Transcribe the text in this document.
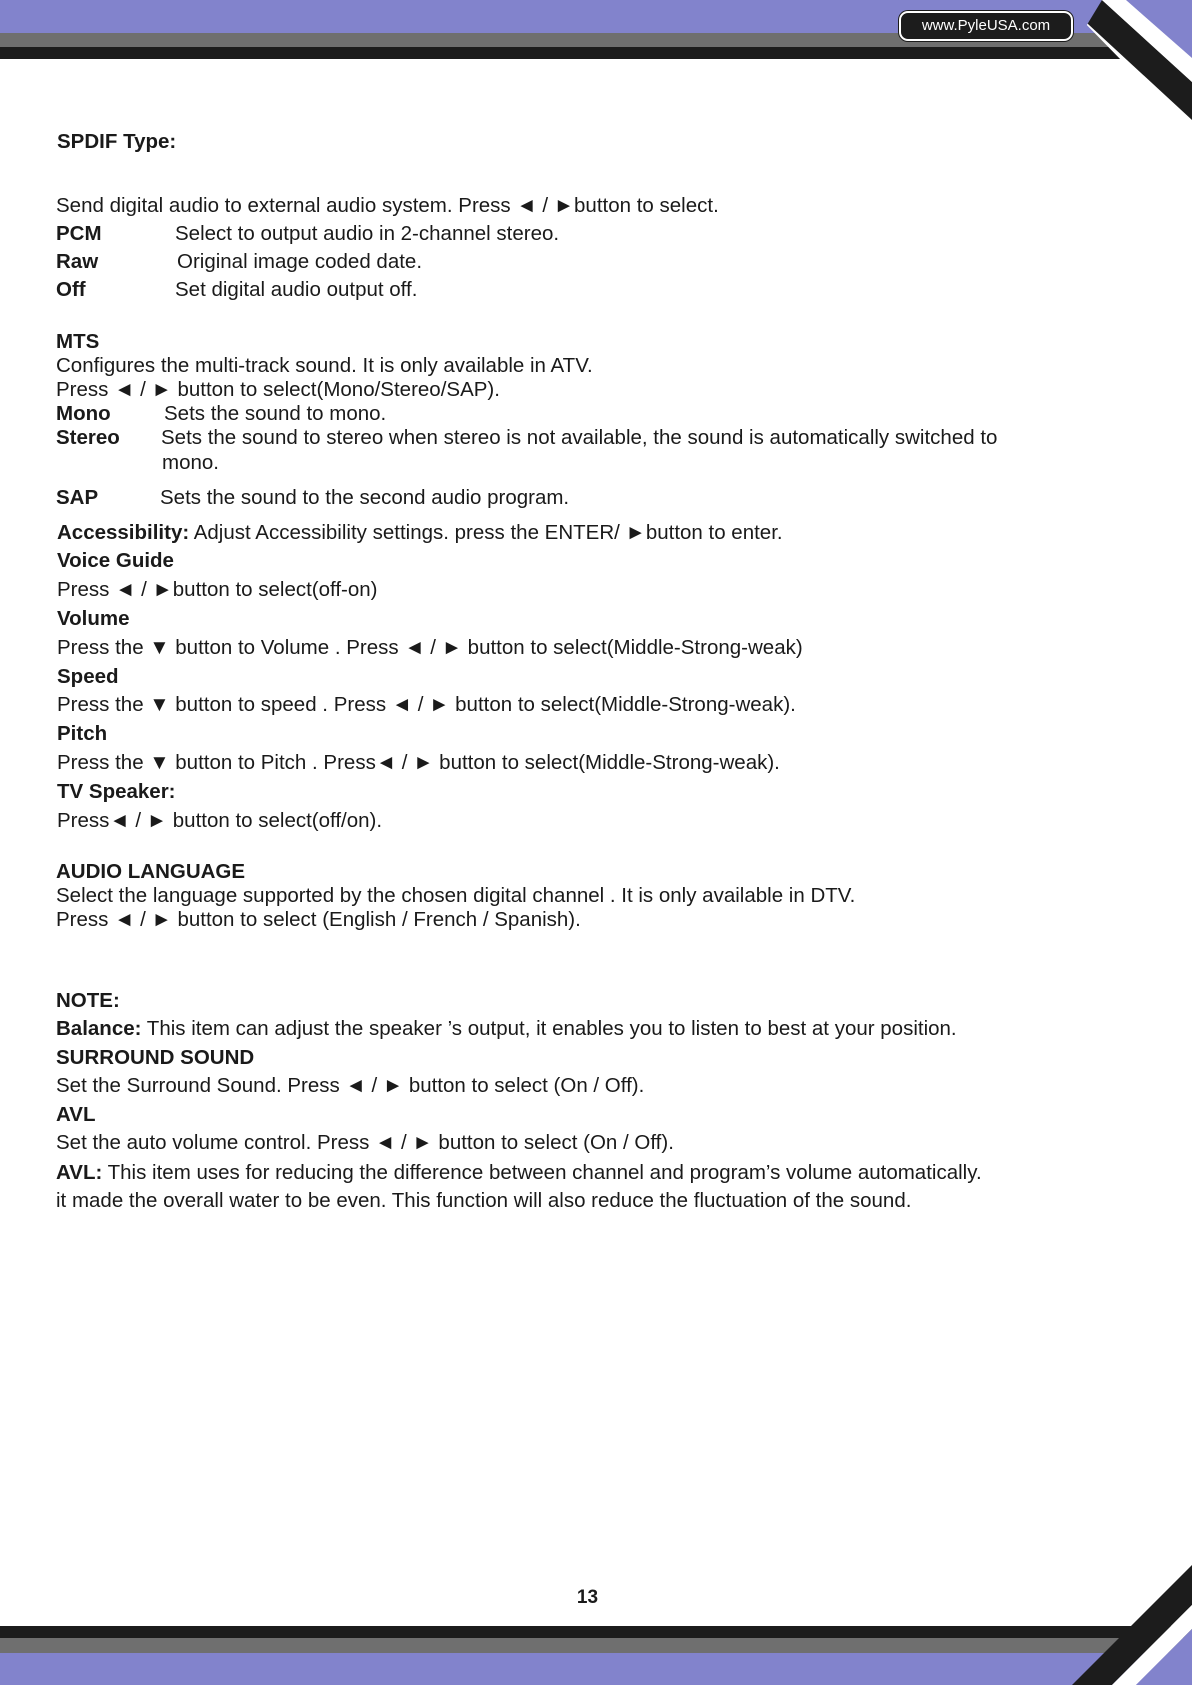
www.PyleUSA.com
SPDIF Type:
Send digital audio to external audio system. Press ◄ / ►button to select.
PCM	Select to output audio in 2-channel stereo.
Raw	Original image coded date.
Off	Set digital audio output off.
MTS
Configures the multi-track sound. It is only available in ATV.
Press ◄ / ► button to select(Mono/Stereo/SAP).
Mono	Sets the sound to mono.
Stereo Sets the sound to stereo when stereo is not available, the sound is automatically switched to
mono.
SAP	Sets the sound to the second audio program.
Accessibility: Adjust Accessibility settings. press the ENTER/ ►button to enter.
Voice Guide
Press ◄ / ►button to select(off-on)
Volume
Press the ▼ button to Volume . Press ◄ / ► button to select(Middle-Strong-weak)
Speed
Press the ▼ button to speed . Press ◄ / ► button to select(Middle-Strong-weak).
Pitch
Press the ▼ button to Pitch . Press◄ / ► button to select(Middle-Strong-weak).
TV Speaker:
Press◄ / ► button to select(off/on).
AUDIO LANGUAGE
Select the language supported by the chosen digital channel . It is only available in DTV.
Press ◄ / ► button to select (English / French / Spanish).
NOTE:
Balance: This item can adjust the speaker ’s output, it enables you to listen to best at your position.
SURROUND SOUND
Set the Surround Sound. Press ◄ / ► button to select (On / Off).
AVL
Set the auto volume control. Press ◄ / ► button to select (On / Off).
AVL: This item uses for reducing the difference between channel and program’s volume automatically.
it made the overall water to be even. This function will also reduce the fluctuation of the sound.
13
